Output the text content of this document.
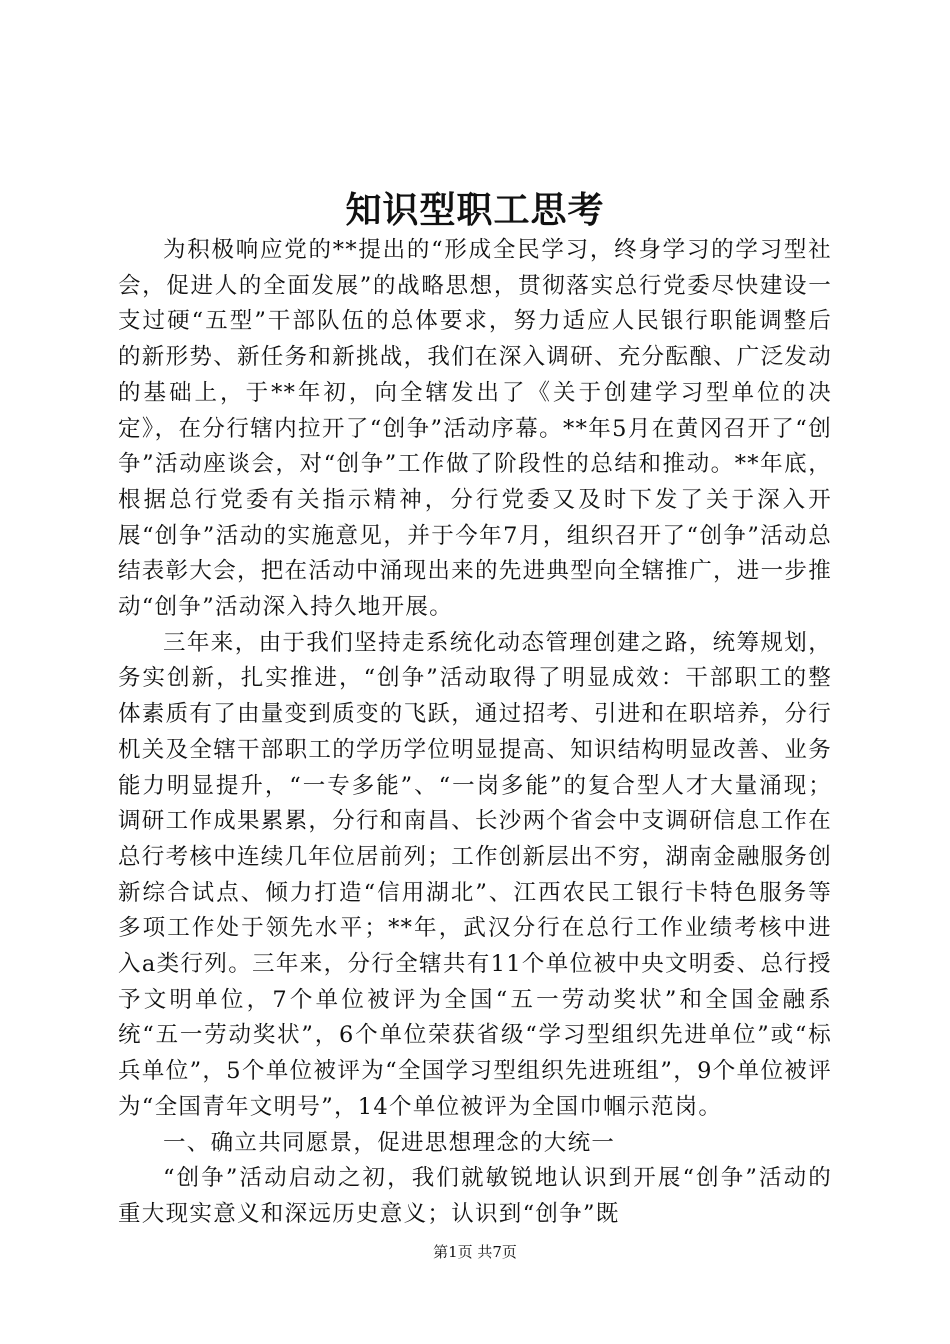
知识型职工思考

为积极响应党的**提出的“形成全民学习，终身学习的学习型社会，促进人的全面发展”的战略思想，贯彻落实总行党委尽快建设一支过硬“五型”干部队伍的总体要求，努力适应人民银行职能调整后的新形势、新任务和新挑战，我们在深入调研、充分酝酿、广泛发动的基础上，于**年初，向全辖发出了《关于创建学习型单位的决定》，在分行辖内拉开了“创争”活动序幕。**年5月在黄冈召开了“创争”活动座谈会，对“创争”工作做了阶段性的总结和推动。**年底，根据总行党委有关指示精神，分行党委又及时下发了关于深入开展“创争”活动的实施意见，并于今年7月，组织召开了“创争”活动总结表彰大会，把在活动中涌现出来的先进典型向全辖推广，进一步推动“创争”活动深入持久地开展。

三年来，由于我们坚持走系统化动态管理创建之路，统筹规划，务实创新，扎实推进，“创争”活动取得了明显成效：干部职工的整体素质有了由量变到质变的飞跃，通过招考、引进和在职培养，分行机关及全辖干部职工的学历学位明显提高、知识结构明显改善、业务能力明显提升，“一专多能”、“一岗多能”的复合型人才大量涌现；调研工作成果累累，分行和南昌、长沙两个省会中支调研信息工作在总行考核中连续几年位居前列；工作创新层出不穷，湖南金融服务创新综合试点、倾力打造“信用湖北”、江西农民工银行卡特色服务等多项工作处于领先水平；**年，武汉分行在总行工作业绩考核中进入a类行列。三年来，分行全辖共有11个单位被中央文明委、总行授予文明单位，7个单位被评为全国“五一劳动奖状”和全国金融系统“五一劳动奖状”，6个单位荣获省级“学习型组织先进单位”或“标兵单位”，5个单位被评为“全国学习型组织先进班组”，9个单位被评为“全国青年文明号”，14个单位被评为全国巾帼示范岗。

一、确立共同愿景，促进思想理念的大统一

“创争”活动启动之初，我们就敏锐地认识到开展“创争”活动的重大现实意义和深远历史意义；认识到“创争”既

第1页 共7页
